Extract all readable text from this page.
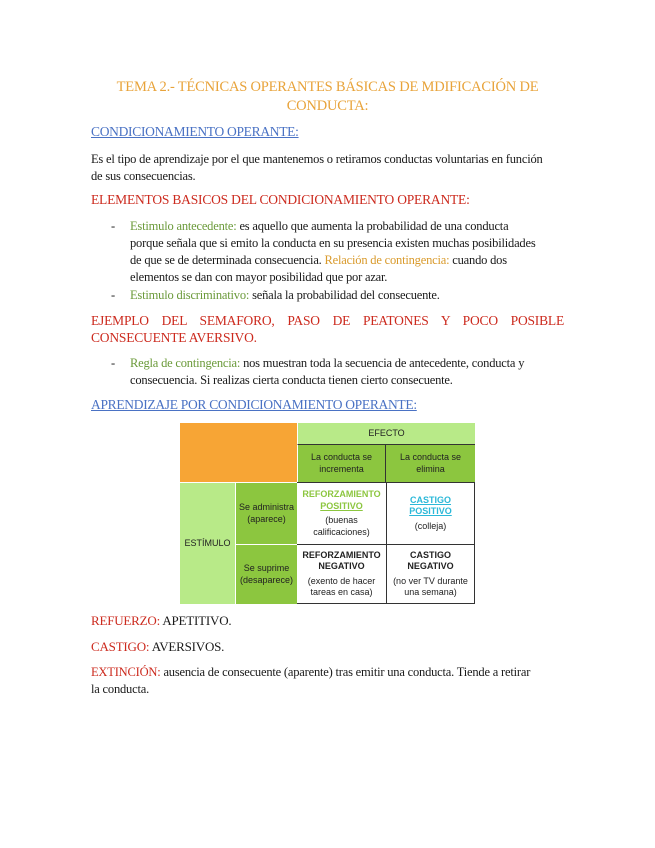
TEMA 2.- TÉCNICAS OPERANTES BÁSICAS DE MDIFICACIÓN DE
CONDUCTA:
CONDICIONAMIENTO OPERANTE:
Es el tipo de aprendizaje por el que mantenemos o retiramos conductas voluntarias en función
de sus consecuencias.
ELEMENTOS BASICOS DEL CONDICIONAMIENTO OPERANTE:
- Estimulo antecedente: es aquello que aumenta la probabilidad de una conducta
porque señala que si emito la conducta en su presencia existen muchas posibilidades
de que se de determinada consecuencia. Relación de contingencia: cuando dos
elementos se dan con mayor posibilidad que por azar.
- Estimulo discriminativo: señala la probabilidad del consecuente.
EJEMPLO DEL SEMAFORO, PASO DE PEATONES Y POCO POSIBLE
CONSECUENTE AVERSIVO.
- Regla de contingencia: nos muestran toda la secuencia de antecedente, conducta y
consecuencia. Si realizas cierta conducta tienen cierto consecuente.
APRENDIZAJE POR CONDICIONAMIENTO OPERANTE:
EFECTO
La conducta se
incrementa
La conducta se
elimina
ESTÍMULO
Se administra
(aparece)
Se suprime
(desaparece)
REFORZAMIENTO
POSITIVO
(buenas
calificaciones)
CASTIGO
POSITIVO
(colleja)
REFORZAMIENTO
NEGATIVO
(exento de hacer
tareas en casa)
CASTIGO
NEGATIVO
(no ver TV durante
una semana)
REFUERZO: APETITIVO.
CASTIGO: AVERSIVOS.
EXTINCIÓN: ausencia de consecuente (aparente) tras emitir una conducta. Tiende a retirar
la conducta.
